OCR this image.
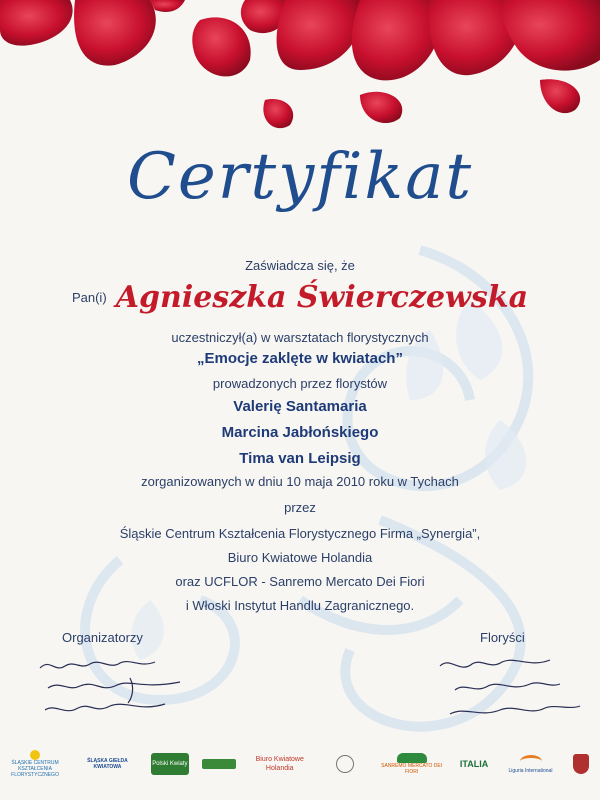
Certyfikat
Zaświadcza się, że
Pan(i) Agnieszka Świerczewska
uczestniczył(a) w warsztatach florystycznych
„Emocje zaklęte w kwiatach”
prowadzonych przez florystów
Valerię Santamaria
Marcina Jabłońskiego
Tima van Leipsig
zorganizowanych w dniu 10 maja 2010 roku w Tychach
przez
Śląskie Centrum Kształcenia Florystycznego Firma „Synergia”,
Biuro Kwiatowe Holandia
oraz UCFLOR - Sanremo Mercato Dei Fiori
i Włoski Instytut Handlu Zagranicznego.
Organizatorzy	Floryści
ŚLĄSKIE CENTRUM KSZTAŁCENIA FLORYSTYCZNEGO
ŚLĄSKA GIEŁDA KWIATOWA	Polski Kwiaty
Biuro Kwiatowe Holandia	SANREMO MERCATO DEI FIORI
ITALIA
Liguria International
